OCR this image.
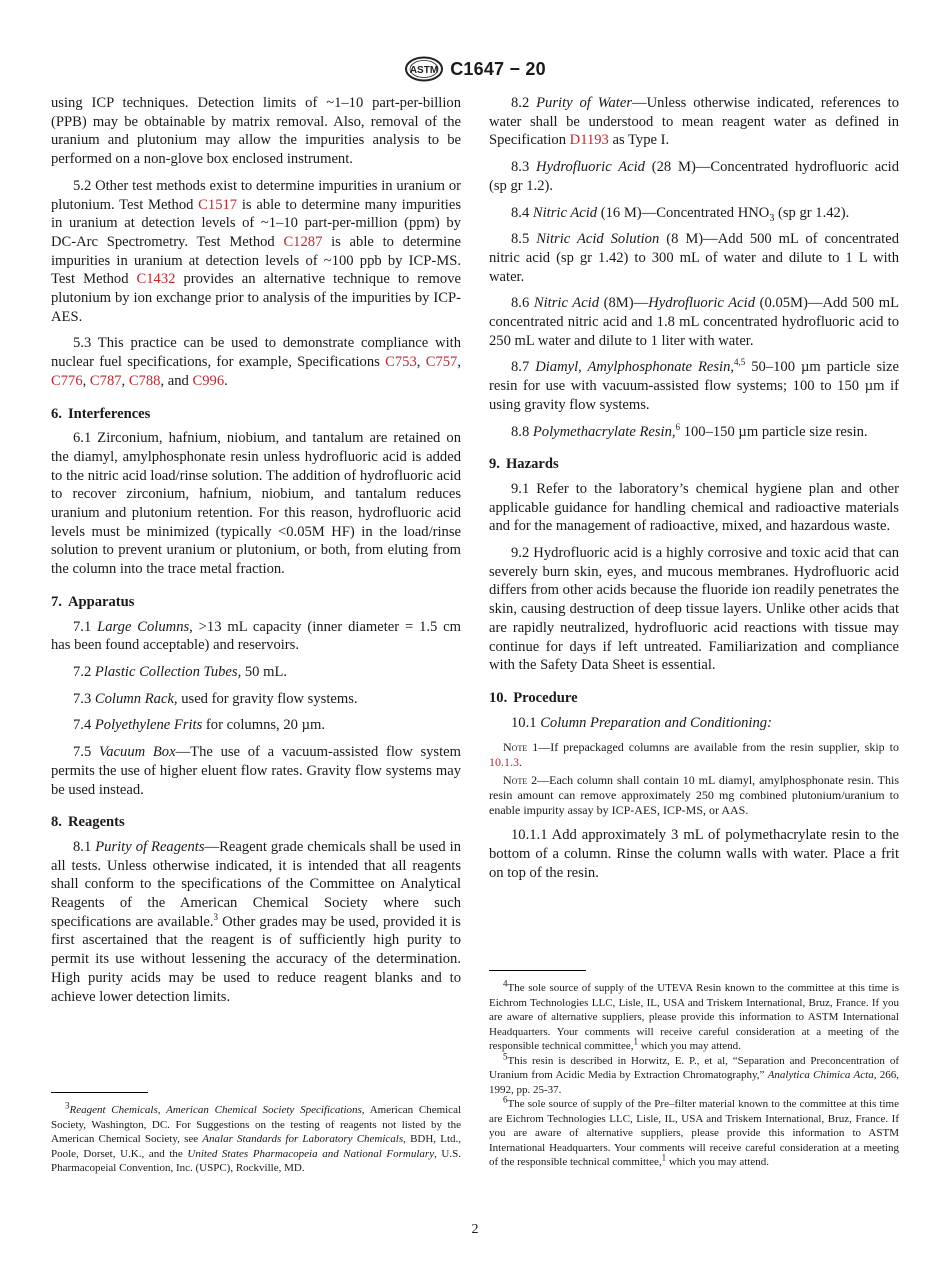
ASTM C1647 − 20

using ICP techniques. Detection limits of ~1–10 part-per-billion (PPB) may be obtainable by matrix removal. Also, removal of the uranium and plutonium may allow the impurities analysis to be performed on a non-glove box enclosed instrument.

5.2 Other test methods exist to determine impurities in uranium or plutonium. Test Method C1517 is able to determine many impurities in uranium at detection levels of ~1–10 part-per-million (ppm) by DC-Arc Spectrometry. Test Method C1287 is able to determine impurities in uranium at detection levels of ~100 ppb by ICP-MS. Test Method C1432 provides an alternative technique to remove plutonium by ion exchange prior to analysis of the impurities by ICP-AES.

5.3 This practice can be used to demonstrate compliance with nuclear fuel specifications, for example, Specifications C753, C757, C776, C787, C788, and C996.

6. Interferences

6.1 Zirconium, hafnium, niobium, and tantalum are retained on the diamyl, amylphosphonate resin unless hydrofluoric acid is added to the nitric acid load/rinse solution. The addition of hydrofluoric acid to recover zirconium, hafnium, niobium, and tantalum reduces uranium and plutonium retention. For this reason, hydrofluoric acid levels must be minimized (typically <0.05M HF) in the load/rinse solution to prevent uranium or plutonium, or both, from eluting from the column into the trace metal fraction.

7. Apparatus

7.1 Large Columns, >13 mL capacity (inner diameter = 1.5 cm has been found acceptable) and reservoirs.

7.2 Plastic Collection Tubes, 50 mL.

7.3 Column Rack, used for gravity flow systems.

7.4 Polyethylene Frits for columns, 20 µm.

7.5 Vacuum Box—The use of a vacuum-assisted flow system permits the use of higher eluent flow rates. Gravity flow systems may be used instead.

8. Reagents

8.1 Purity of Reagents—Reagent grade chemicals shall be used in all tests. Unless otherwise indicated, it is intended that all reagents shall conform to the specifications of the Committee on Analytical Reagents of the American Chemical Society where such specifications are available.$^3$ Other grades may be used, provided it is first ascertained that the reagent is of sufficiently high purity to permit its use without lessening the accuracy of the determination. High purity acids may be used to reduce reagent blanks and to achieve lower detection limits.

$^3$Reagent Chemicals, American Chemical Society Specifications, American Chemical Society, Washington, DC. For Suggestions on the testing of reagents not listed by the American Chemical Society, see Analar Standards for Laboratory Chemicals, BDH, Ltd., Poole, Dorset, U.K., and the United States Pharmacopeia and National Formulary, U.S. Pharmacopeial Convention, Inc. (USPC), Rockville, MD.

8.2 Purity of Water—Unless otherwise indicated, references to water shall be understood to mean reagent water as defined in Specification D1193 as Type I.

8.3 Hydrofluoric Acid (28 M)—Concentrated hydrofluoric acid (sp gr 1.2).

8.4 Nitric Acid (16 M)—Concentrated $HNO_3$ (sp gr 1.42).

8.5 Nitric Acid Solution (8 M)—Add 500 mL of concentrated nitric acid (sp gr 1.42) to 300 mL of water and dilute to 1 L with water.

8.6 Nitric Acid (8M)—Hydrofluoric Acid (0.05M)—Add 500 mL concentrated nitric acid and 1.8 mL concentrated hydrofluoric acid to 250 mL water and dilute to 1 liter with water.

8.7 Diamyl, Amylphosphonate Resin,$^{4,5}$ 50–100 µm particle size resin for use with vacuum-assisted flow systems; 100 to 150 µm if using gravity flow systems.

8.8 Polymethacrylate Resin,$^6$ 100–150 µm particle size resin.

9. Hazards

9.1 Refer to the laboratory’s chemical hygiene plan and other applicable guidance for handling chemical and radioactive materials and for the management of radioactive, mixed, and hazardous waste.

9.2 Hydrofluoric acid is a highly corrosive and toxic acid that can severely burn skin, eyes, and mucous membranes. Hydrofluoric acid differs from other acids because the fluoride ion readily penetrates the skin, causing destruction of deep tissue layers. Unlike other acids that are rapidly neutralized, hydrofluoric acid reactions with tissue may continue for days if left untreated. Familiarization and compliance with the Safety Data Sheet is essential.

10. Procedure

10.1 Column Preparation and Conditioning:

Note 1—If prepackaged columns are available from the resin supplier, skip to 10.1.3.

Note 2—Each column shall contain 10 mL diamyl, amylphosphonate resin. This resin amount can remove approximately 250 mg combined plutonium/uranium to enable impurity assay by ICP-AES, ICP-MS, or AAS.

10.1.1 Add approximately 3 mL of polymethacrylate resin to the bottom of a column. Rinse the column walls with water. Place a frit on top of the resin.

$^4$The sole source of supply of the UTEVA Resin known to the committee at this time is Eichrom Technologies LLC, Lisle, IL, USA and Triskem International, Bruz, France. If you are aware of alternative suppliers, please provide this information to ASTM International Headquarters. Your comments will receive careful consideration at a meeting of the responsible technical committee,$^1$ which you may attend.

$^5$This resin is described in Horwitz, E. P., et al, “Separation and Preconcentration of Uranium from Acidic Media by Extraction Chromatography,” Analytica Chimica Acta, 266, 1992, pp. 25-37.

$^6$The sole source of supply of the Pre–filter material known to the committee at this time are Eichrom Technologies LLC, Lisle, IL, USA and Triskem International, Bruz, France. If you are aware of alternative suppliers, please provide this information to ASTM International Headquarters. Your comments will receive careful consideration at a meeting of the responsible technical committee,$^1$ which you may attend.

2
